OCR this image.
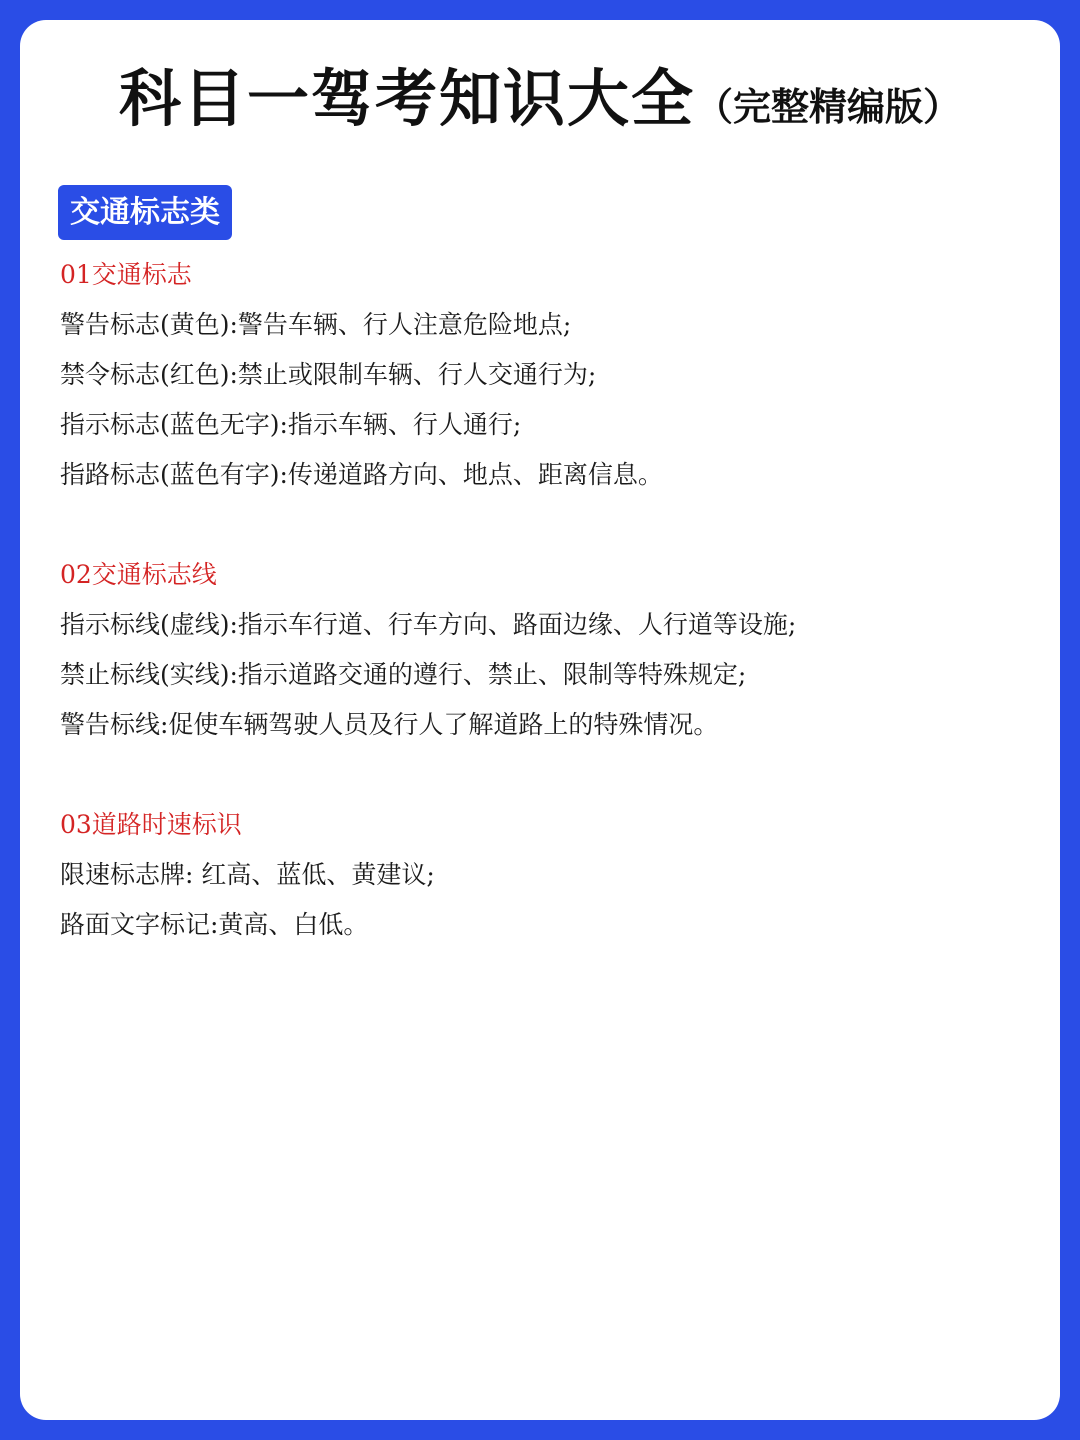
科目一驾考知识大全（完整精编版）
交通标志类
01交通标志
警告标志(黄色):警告车辆、行人注意危险地点;
禁令标志(红色):禁止或限制车辆、行人交通行为;
指示标志(蓝色无字):指示车辆、行人通行;
指路标志(蓝色有字):传递道路方向、地点、距离信息。
02交通标志线
指示标线(虚线):指示车行道、行车方向、路面边缘、人行道等设施;
禁止标线(实线):指示道路交通的遵行、禁止、限制等特殊规定;
警告标线:促使车辆驾驶人员及行人了解道路上的特殊情况。
03道路时速标识
限速标志牌: 红高、蓝低、黄建议;
路面文字标记:黄高、白低。
